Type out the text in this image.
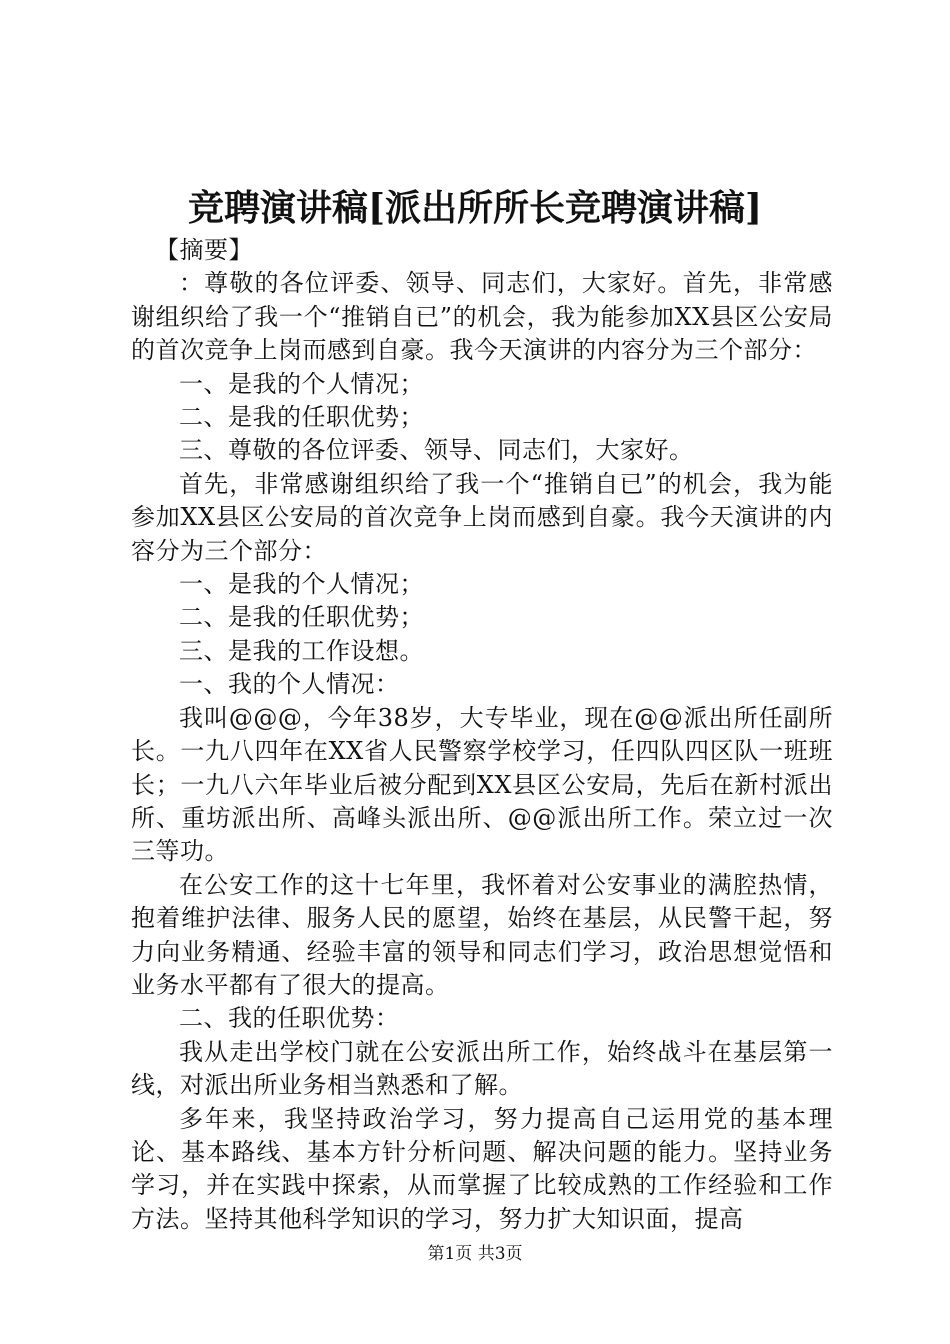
竞聘演讲稿[派出所所长竞聘演讲稿]

【摘要】

：尊敬的各位评委、领导、同志们，大家好。首先，非常感谢组织给了我一个“推销自已”的机会，我为能参加XX县区公安局的首次竞争上岗而感到自豪。我今天演讲的内容分为三个部分：

一、是我的个人情况；

二、是我的任职优势；

三、尊敬的各位评委、领导、同志们，大家好。

首先，非常感谢组织给了我一个“推销自已”的机会，我为能参加XX县区公安局的首次竞争上岗而感到自豪。我今天演讲的内容分为三个部分：

一、是我的个人情况；

二、是我的任职优势；

三、是我的工作设想。

一、我的个人情况：

我叫@@@，今年38岁，大专毕业，现在@@派出所任副所长。一九八四年在XX省人民警察学校学习，任四队四区队一班班长；一九八六年毕业后被分配到XX县区公安局，先后在新村派出所、重坊派出所、高峰头派出所、@@派出所工作。荣立过一次三等功。

在公安工作的这十七年里，我怀着对公安事业的满腔热情，抱着维护法律、服务人民的愿望，始终在基层，从民警干起，努力向业务精通、经验丰富的领导和同志们学习，政治思想觉悟和业务水平都有了很大的提高。

二、我的任职优势：

我从走出学校门就在公安派出所工作，始终战斗在基层第一线，对派出所业务相当熟悉和了解。

多年来，我坚持政治学习，努力提高自己运用党的基本理论、基本路线、基本方针分析问题、解决问题的能力。坚持业务学习，并在实践中探索，从而掌握了比较成熟的工作经验和工作方法。坚持其他科学知识的学习，努力扩大知识面，提高

第1页 共3页
